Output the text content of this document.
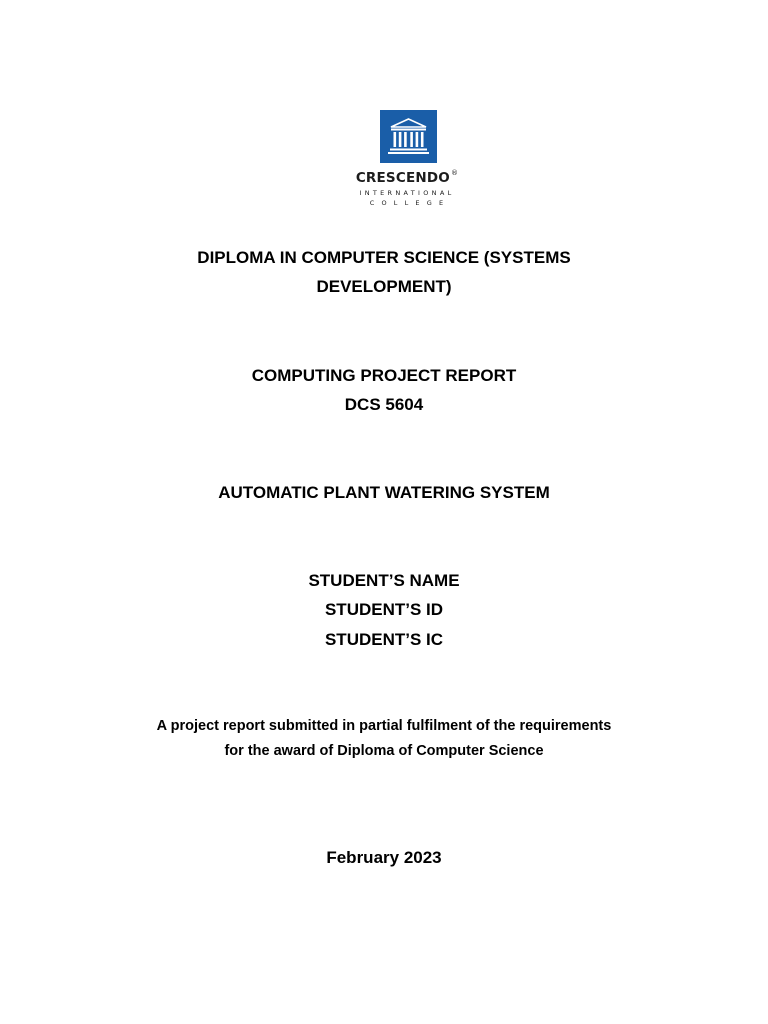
CRESCENDO®
INTERNATIONAL
COLLEGE
DIPLOMA IN COMPUTER SCIENCE (SYSTEMS
DEVELOPMENT)
COMPUTING PROJECT REPORT
DCS 5604
AUTOMATIC PLANT WATERING SYSTEM
STUDENT’S NAME
STUDENT’S ID
STUDENT’S IC
A project report submitted in partial fulfilment of the requirements
for the award of Diploma of Computer Science
February 2023
